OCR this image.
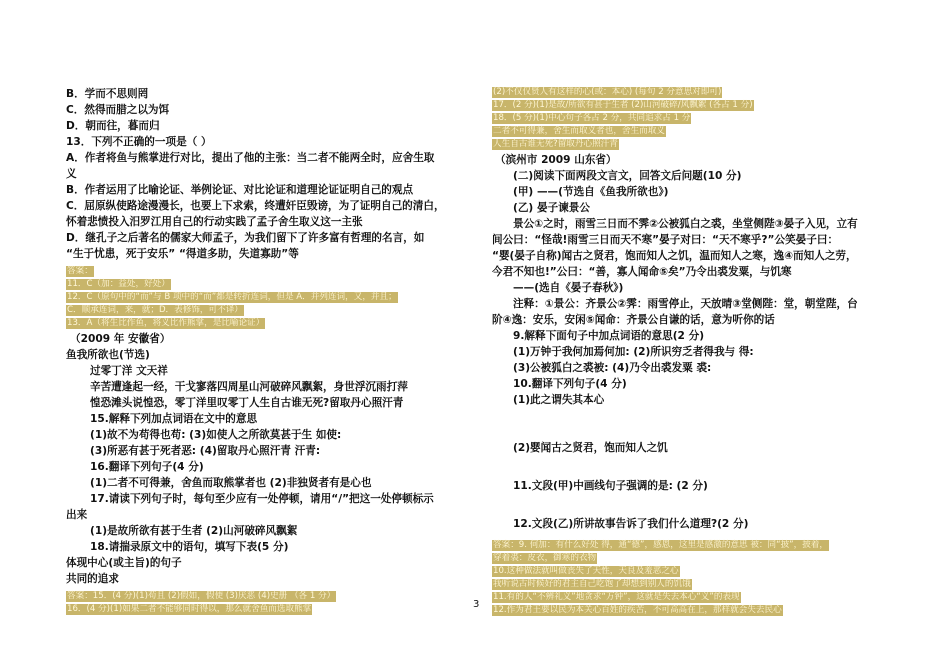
B．学而不思则罔
C．然得而腊之以为饵
D．朝而往，暮而归
13．下列不正确的一项是（ ）
A．作者将鱼与熊掌进行对比，提出了他的主张：当二者不能两全时，应舍生取
义
B．作者运用了比喻论证、举例论证、对比论证和道理论证证明自己的观点
C．屈原纵使路途漫漫长，也要上下求索，终遭奸臣毁谤，为了证明自己的清白，
怀着悲愤投入汨罗江用自己的行动实践了孟子舍生取义这一主张
D．继孔子之后著名的儒家大师孟子，为我们留下了许多富有哲理的名言，如
“生于忧患，死于安乐” “得道多助，失道寡助”等
答案：
11．C（加：益处，好处）
12．C（原句中的“而”与 B 项中的“而”都是转折连词，但是 A．并列连词，又，并且；
C．顺承连词，来，就；D．表修饰，可不译）
13．A（将生比作鱼，将义比作熊掌，是比喻论证）
（2009 年 安徽省）
鱼我所欲也(节选)
过零丁洋 文天祥
辛苦遭逢起一经，干戈寥落四周星山河破碎风飘絮，身世浮沉雨打萍
惶恐滩头说惶恐，零丁洋里叹零丁人生自古谁无死?留取丹心照汗青
15.解释下列加点词语在文中的意思
(1)故不为苟得也苟: (3)如使人之所欲莫甚于生 如使:
(3)所恶有甚于死者恶: (4)留取丹心照汗青 汗青:
16.翻译下列句子(4 分)
(1)二者不可得兼，舍鱼而取熊掌者也 (2)非独贤者有是心也
17.请读下列句子时，每句至少应有一处停顿，请用“/”把这一处停顿标示
出来
(1)是故所欲有甚于生者 (2)山河破碎风飘絮
18.请揣录原文中的语句，填写下表(5 分)
体现中心(或主旨)的句子
共同的追求
答案：15．(4 分)(1)苟且 (2)假如，假使 (3)厌恶 (4)史册 （各 1 分）
16．(4 分)(1)如果二者不能够同时得以，那么就舍鱼而选取熊掌
(2)不仅仅贤人有这样的心(或：本心) (每句 2 分意思对即可)
17．(2 分)(1)是故/所欲有甚于生者 (2)山河破碎/风飘絮 (各占 1 分)
18．(5 分)(1)中心句子各占 2 分，共同追求占 1 分
二者不可得兼，舍生而取义者也，舍生而取义
人生自古谁无死?留取丹心照汗青
（滨州市 2009 山东省）
(二)阅读下面两段文言文，回答文后问题(10 分)
(甲) ——(节选自《鱼我所欲也》)
(乙) 晏子谏景公
景公①之时，雨雪三日而不霁②公被狐白之裘，坐堂侧陛③晏子入见，立有
间公曰：“怪哉!雨雪三日而天不寒”晏子对曰：“天不寒乎?”公笑晏子曰：
“婴(晏子自称)闻古之贤君，饱而知人之饥，温而知人之寒，逸④而知人之劳，
今君不知也!”公曰：“善，寡人闻命⑤矣”乃令出裘发粟，与饥寒
——(选自《晏子春秋》)
注释：①景公：齐景公②霁：雨雪停止，天放晴③堂侧陛：堂，朝堂陛，台
阶④逸：安乐，安闲⑤闻命：齐景公自谦的话，意为听你的话
9.解释下面句子中加点词语的意思(2 分)
(1)万钟于我何加焉何加: (2)所识穷乏者得我与 得:
(3)公被狐白之裘被: (4)乃令出裘发粟 裘:
10.翻译下列句子(4 分)
(1)此之谓失其本心
(2)婴闻古之贤君，饱而知人之饥
11.文段(甲)中画线句子强调的是: (2 分)
12.文段(乙)所讲故事告诉了我们什么道理?(2 分)
答案：9. 何加：有什么好处 得，通“德”，感恩，这里是感激的意思 被：同“披”，披着，
穿着裘：皮衣，御寒的衣物
10.这种做法就叫做丧失了天性，天良及羞恶之心
我听说古时候好的君主自己吃饱了却想到别人的饥饿
11.有的人“不辨礼义”地贪求“万钟”，这就是失去本心“义”的表现
12.作为君王要以民为本关心百姓的疾苦，不可高高在上，那样就会失去民心
3
